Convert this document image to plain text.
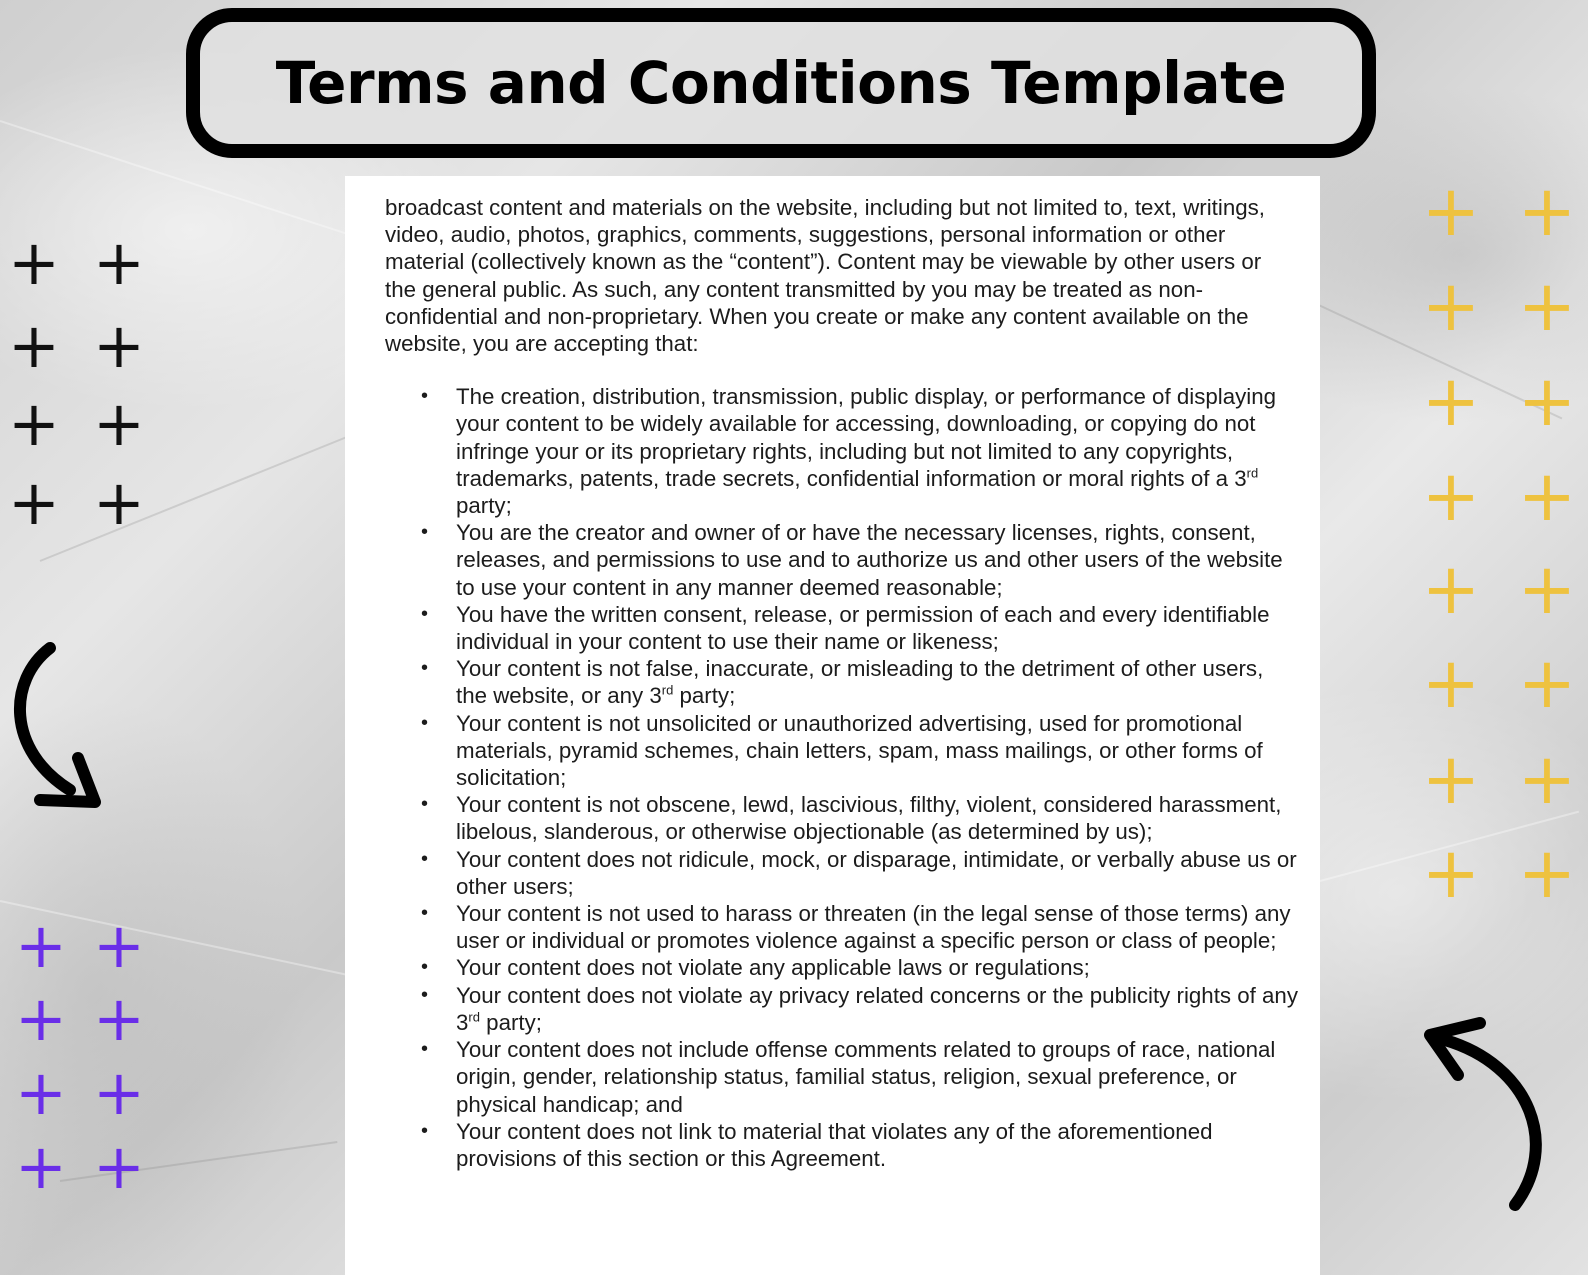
Terms and Conditions Template

broadcast content and materials on the website, including but not limited to, text, writings, video, audio, photos, graphics, comments, suggestions, personal information or other material (collectively known as the “content”). Content may be viewable by other users or the general public. As such, any content transmitted by you may be treated as non-confidential and non-proprietary. When you create or make any content available on the website, you are accepting that:

• The creation, distribution, transmission, public display, or performance of displaying your content to be widely available for accessing, downloading, or copying do not infringe your or its proprietary rights, including but not limited to any copyrights, trademarks, patents, trade secrets, confidential information or moral rights of a 3rd party;
• You are the creator and owner of or have the necessary licenses, rights, consent, releases, and permissions to use and to authorize us and other users of the website to use your content in any manner deemed reasonable;
• You have the written consent, release, or permission of each and every identifiable individual in your content to use their name or likeness;
• Your content is not false, inaccurate, or misleading to the detriment of other users, the website, or any 3rd party;
• Your content is not unsolicited or unauthorized advertising, used for promotional materials, pyramid schemes, chain letters, spam, mass mailings, or other forms of solicitation;
• Your content is not obscene, lewd, lascivious, filthy, violent, considered harassment, libelous, slanderous, or otherwise objectionable (as determined by us);
• Your content does not ridicule, mock, or disparage, intimidate, or verbally abuse us or other users;
• Your content is not used to harass or threaten (in the legal sense of those terms) any user or individual or promotes violence against a specific person or class of people;
• Your content does not violate any applicable laws or regulations;
• Your content does not violate ay privacy related concerns or the publicity rights of any 3rd party;
• Your content does not include offense comments related to groups of race, national origin, gender, relationship status, familial status, religion, sexual preference, or physical handicap; and
• Your content does not link to material that violates any of the aforementioned provisions of this section or this Agreement.
+ +
+ +
+ +
+ +
+ +
+ +
+ +
+ +
+ +
+ +
+ +
+ +
+ +
+ +
+ +
+ +
